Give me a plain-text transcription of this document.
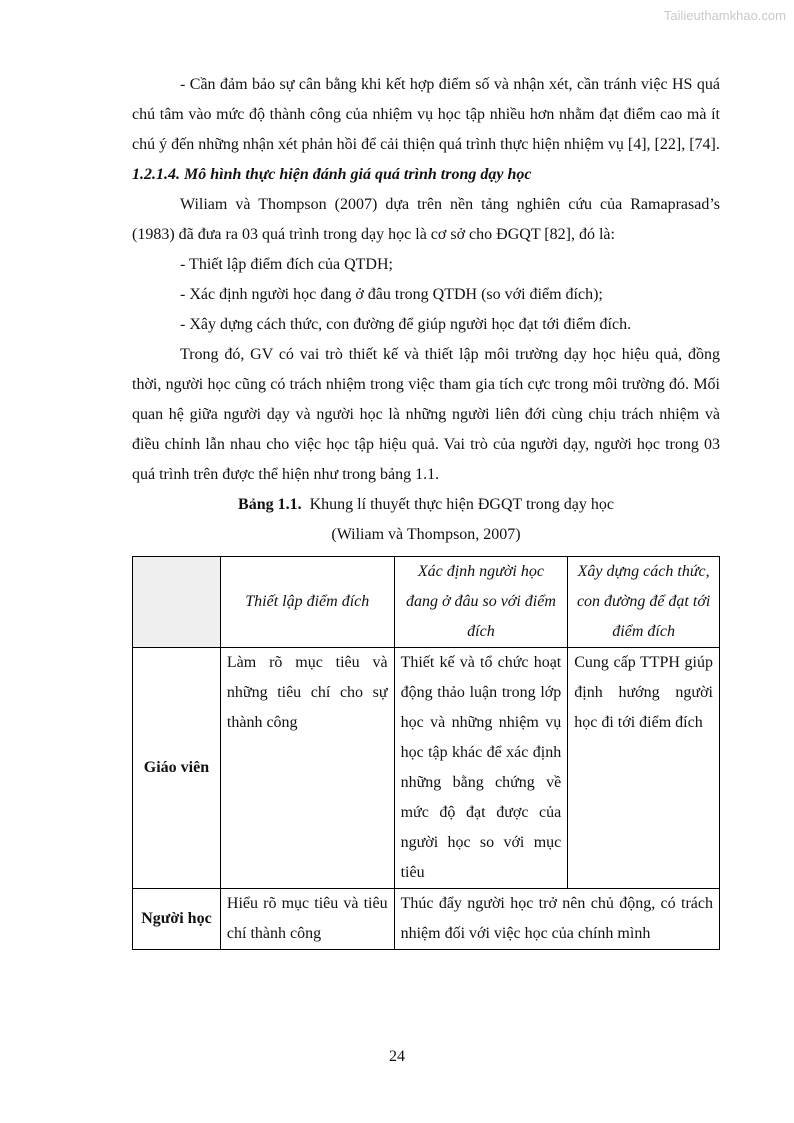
Tailieuthamkhao.com

- Cần đảm bảo sự cân bằng khi kết hợp điểm số và nhận xét, cần tránh việc HS quá chú tâm vào mức độ thành công của nhiệm vụ học tập nhiều hơn nhằm đạt điểm cao mà ít chú ý đến những nhận xét phản hồi để cải thiện quá trình thực hiện nhiệm vụ [4], [22], [74].

1.2.1.4. Mô hình thực hiện đánh giá quá trình trong dạy học

Wiliam và Thompson (2007) dựa trên nền tảng nghiên cứu của Ramaprasad’s (1983) đã đưa ra 03 quá trình trong dạy học là cơ sở cho ĐGQT [82], đó là:

- Thiết lập điểm đích của QTDH;

- Xác định người học đang ở đâu trong QTDH (so với điểm đích);

- Xây dựng cách thức, con đường để giúp người học đạt tới điểm đích.

Trong đó, GV có vai trò thiết kế và thiết lập môi trường dạy học hiệu quả, đồng thời, người học cũng có trách nhiệm trong việc tham gia tích cực trong môi trường đó. Mối quan hệ giữa người dạy và người học là những người liên đới cùng chịu trách nhiệm và điều chỉnh lẫn nhau cho việc học tập hiệu quả. Vai trò của người dạy, người học trong 03 quá trình trên được thể hiện như trong bảng 1.1.

Bảng 1.1. Khung lí thuyết thực hiện ĐGQT trong dạy học

(Wiliam và Thompson, 2007)

	Thiết lập điểm đích	Xác định người học đang ở đâu so với điểm đích	Xây dựng cách thức, con đường để đạt tới điểm đích
Giáo viên	Làm rõ mục tiêu và những tiêu chí cho sự thành công	Thiết kế và tổ chức hoạt động thảo luận trong lớp học và những nhiệm vụ học tập khác để xác định những bằng chứng về mức độ đạt được của người học so với mục tiêu	Cung cấp TTPH giúp định hướng người học đi tới điểm đích
Người học	Hiểu rõ mục tiêu và tiêu chí thành công	Thúc đẩy người học trở nên chủ động, có trách nhiệm đối với việc học của chính mình	
24
